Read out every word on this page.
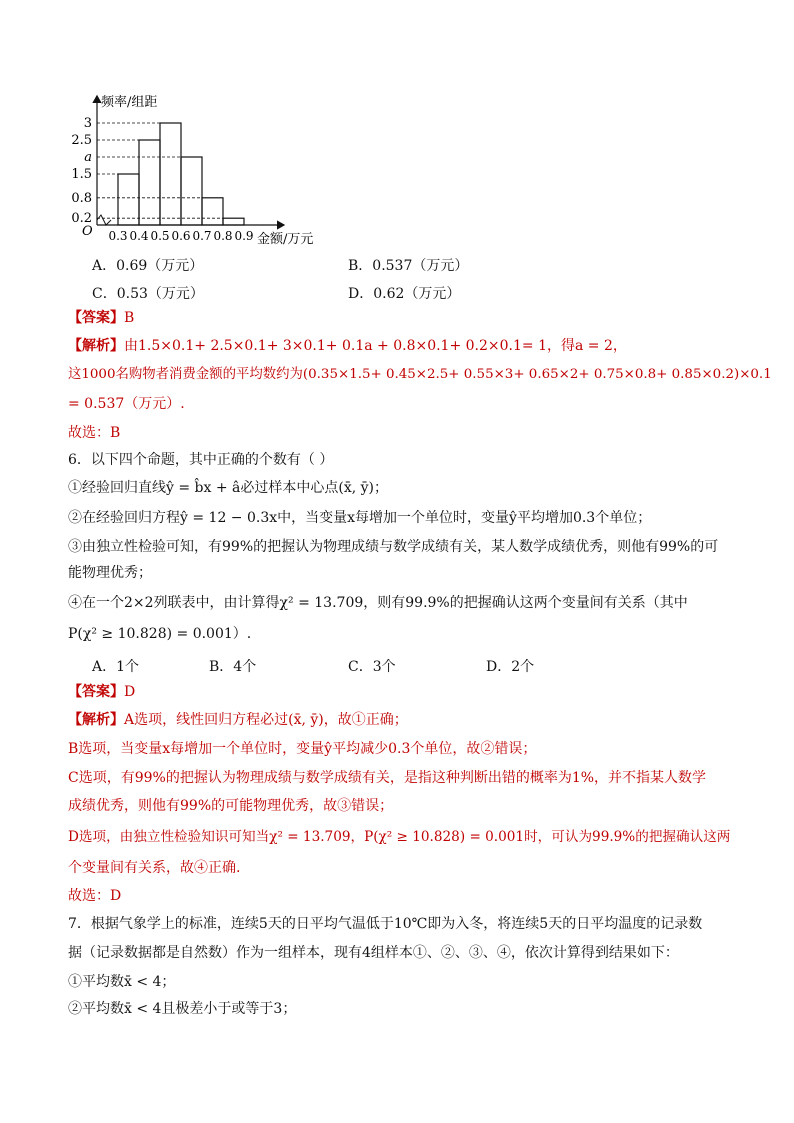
频率/组距
金额/万元
O
1.5
2.5
3
a
0.8
0.2
0.3 0.4 0.5 0.6 0.7 0.8 0.9
A．0.69（万元）	B．0.537（万元）
C．0.53（万元）	D．0.62（万元）
【答案】B
【解析】由1.5×0.1+ 2.5×0.1+ 3×0.1+ 0.1a + 0.8×0.1+ 0.2×0.1= 1，得a = 2，
这1000名购物者消费金额的平均数约为(0.35×1.5+ 0.45×2.5+ 0.55×3+ 0.65×2+ 0.75×0.8+ 0.85×0.2)×0.1
= 0.537（万元）.
故选：B
6．以下四个命题，其中正确的个数有（ ）
①经验回归直线ŷ = b̂x + â必过样本中心点(x̄, ȳ)；
②在经验回归方程ŷ = 12 − 0.3x中，当变量x每增加一个单位时，变量ŷ平均增加0.3个单位；
③由独立性检验可知，有99%的把握认为物理成绩与数学成绩有关，某人数学成绩优秀，则他有99%的可
能物理优秀；
④在一个2×2列联表中，由计算得χ² = 13.709，则有99.9%的把握确认这两个变量间有关系（其中
P(χ² ≥ 10.828) = 0.001）.
A．1个	B．4个	C．3个	D．2个
【答案】D
【解析】A选项，线性回归方程必过(x̄, ȳ)，故①正确；
B选项，当变量x每增加一个单位时，变量ŷ平均减少0.3个单位，故②错误；
C选项，有99%的把握认为物理成绩与数学成绩有关，是指这种判断出错的概率为1%，并不指某人数学
成绩优秀，则他有99%的可能物理优秀，故③错误；
D选项，由独立性检验知识可知当χ² = 13.709，P(χ² ≥ 10.828) = 0.001时，可认为99.9%的把握确认这两
个变量间有关系，故④正确.
故选：D
7．根据气象学上的标准，连续5天的日平均气温低于10℃即为入冬，将连续5天的日平均温度的记录数
据（记录数据都是自然数）作为一组样本，现有4组样本①、②、③、④，依次计算得到结果如下：
①平均数x̄ < 4；
②平均数x̄ < 4且极差小于或等于3；
